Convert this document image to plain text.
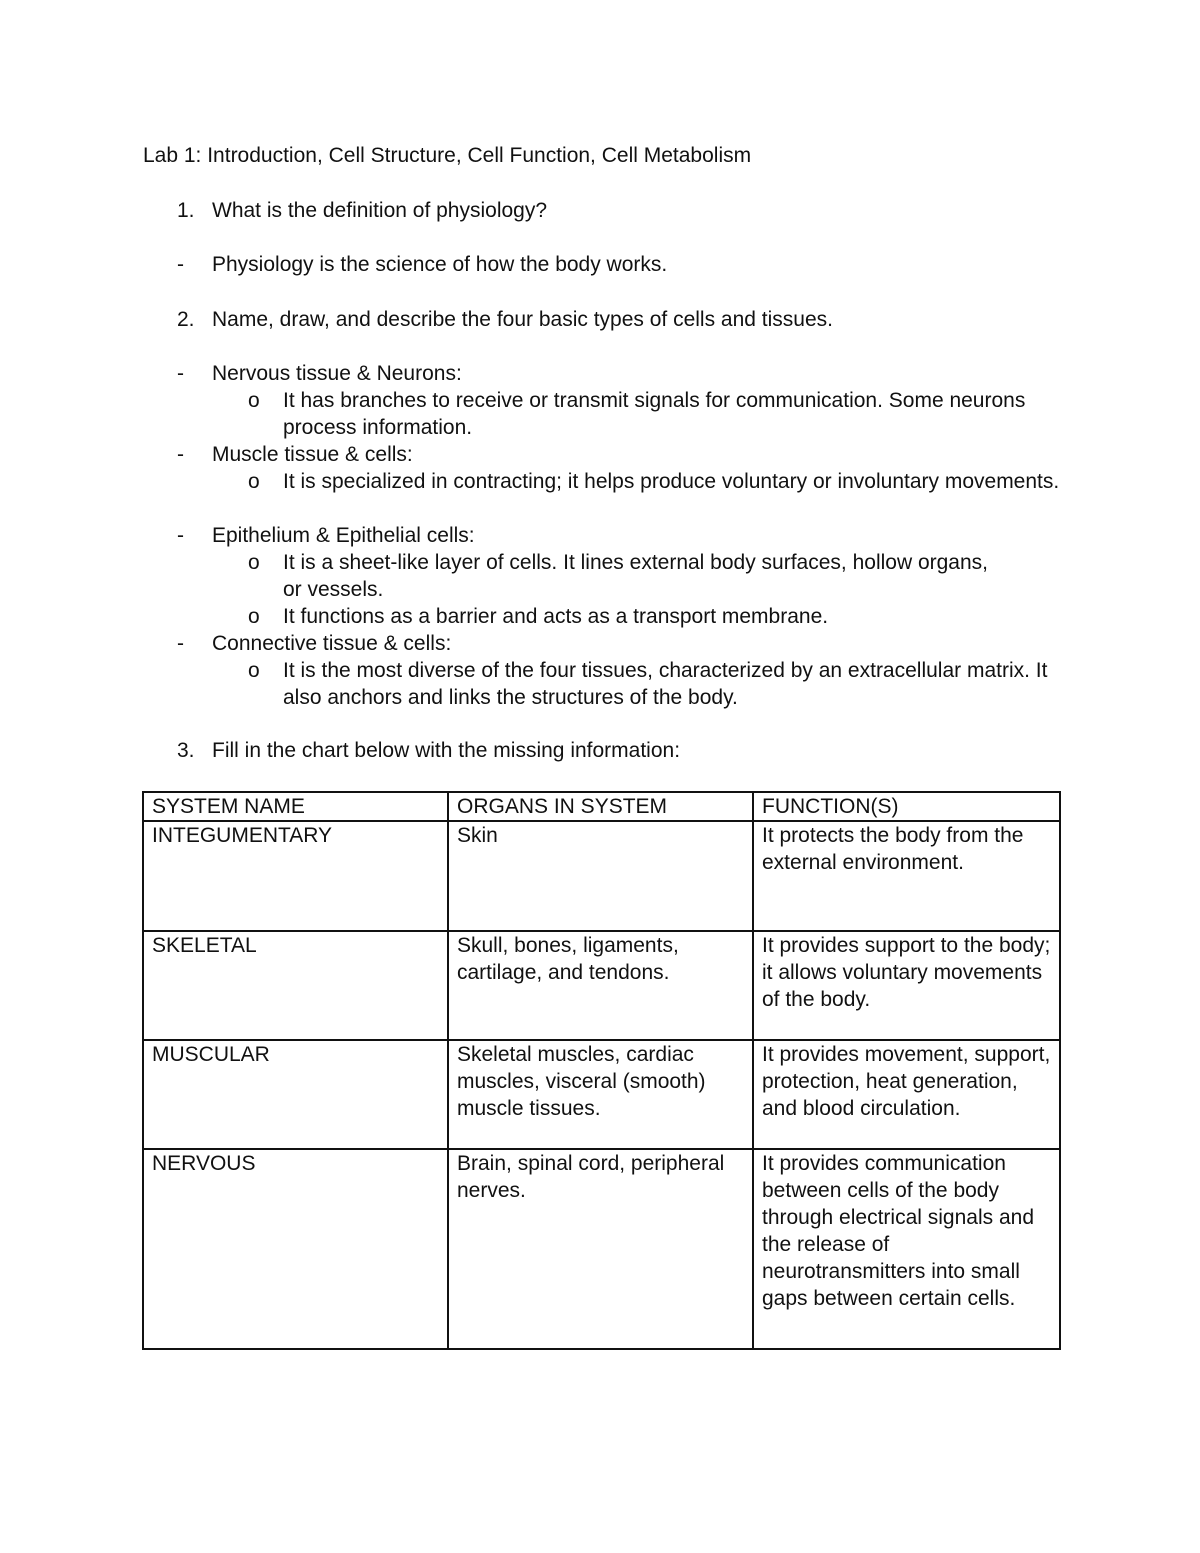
Lab 1: Introduction, Cell Structure, Cell Function, Cell Metabolism
1. What is the definition of physiology?
- Physiology is the science of how the body works.
2. Name, draw, and describe the four basic types of cells and tissues.
- Nervous tissue & Neurons:
o It has branches to receive or transmit signals for communication. Some neurons process information.
- Muscle tissue & cells:
o It is specialized in contracting; it helps produce voluntary or involuntary movements.
- Epithelium & Epithelial cells:
o It is a sheet-like layer of cells. It lines external body surfaces, hollow organs, or vessels.
o It functions as a barrier and acts as a transport membrane.
- Connective tissue & cells:
o It is the most diverse of the four tissues, characterized by an extracellular matrix. It also anchors and links the structures of the body.
3. Fill in the chart below with the missing information:
SYSTEM NAME	ORGANS IN SYSTEM	FUNCTION(S)
INTEGUMENTARY	Skin	It protects the body from the external environment.
SKELETAL	Skull, bones, ligaments, cartilage, and tendons.	It provides support to the body; it allows voluntary movements of the body.
MUSCULAR	Skeletal muscles, cardiac muscles, visceral (smooth) muscle tissues.	It provides movement, support, protection, heat generation, and blood circulation.
NERVOUS	Brain, spinal cord, peripheral nerves.	It provides communication between cells of the body through electrical signals and the release of neurotransmitters into small gaps between certain cells.
